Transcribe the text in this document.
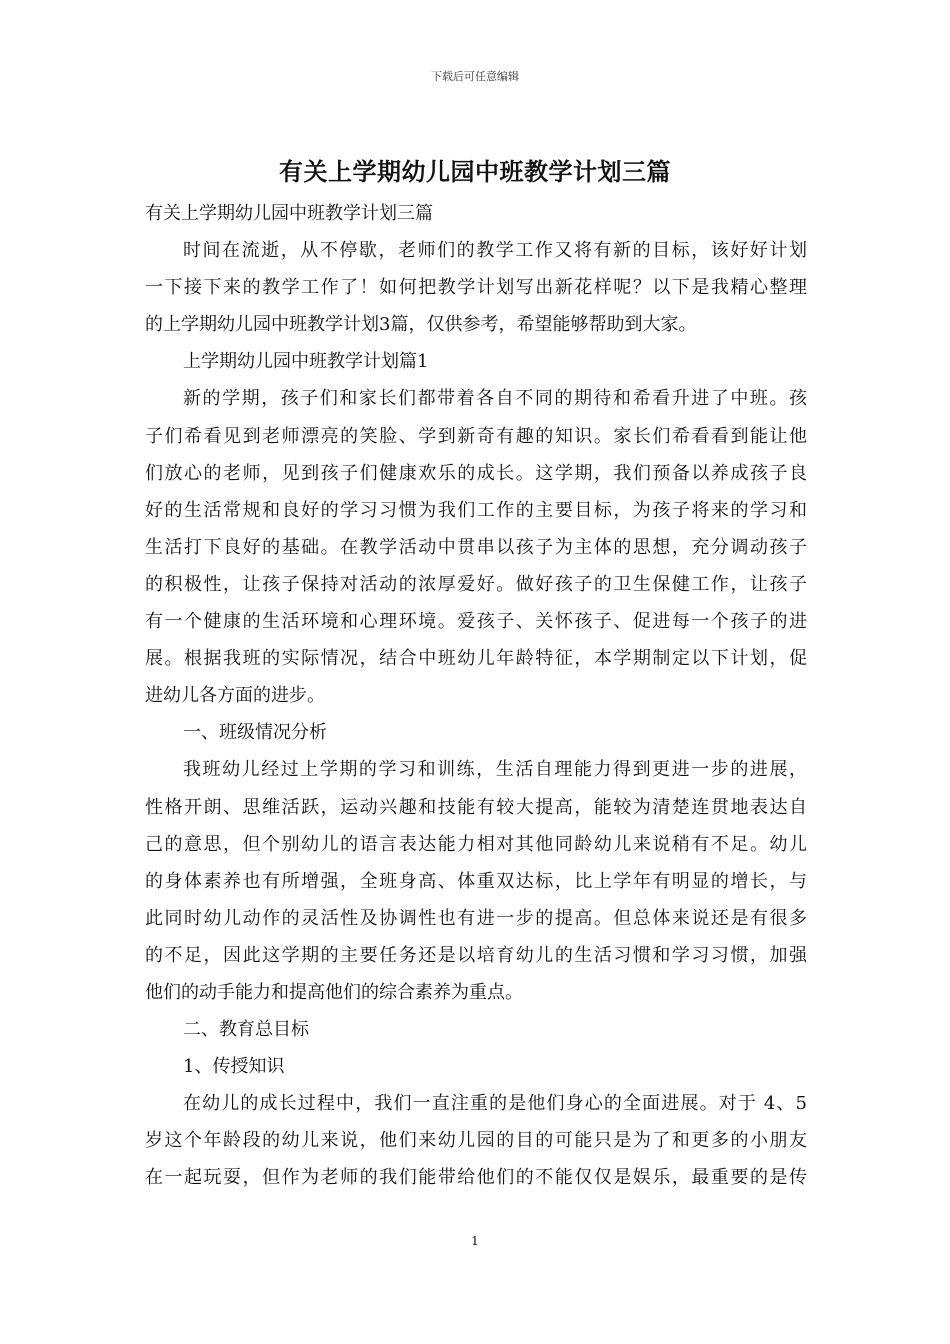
下载后可任意编辑
有关上学期幼儿园中班教学计划三篇
有关上学期幼儿园中班教学计划三篇
时间在流逝，从不停歇，老师们的教学工作又将有新的目标，该好好计划
一下接下来的教学工作了！如何把教学计划写出新花样呢？以下是我精心整理
的上学期幼儿园中班教学计划3篇，仅供参考，希望能够帮助到大家。
上学期幼儿园中班教学计划篇1
新的学期，孩子们和家长们都带着各自不同的期待和希看升进了中班。孩
子们希看见到老师漂亮的笑脸、学到新奇有趣的知识。家长们希看看到能让他
们放心的老师，见到孩子们健康欢乐的成长。这学期，我们预备以养成孩子良
好的生活常规和良好的学习习惯为我们工作的主要目标，为孩子将来的学习和
生活打下良好的基础。在教学活动中贯串以孩子为主体的思想，充分调动孩子
的积极性，让孩子保持对活动的浓厚爱好。做好孩子的卫生保健工作，让孩子
有一个健康的生活环境和心理环境。爱孩子、关怀孩子、促进每一个孩子的进
展。根据我班的实际情况，结合中班幼儿年龄特征，本学期制定以下计划，促
进幼儿各方面的进步。
一、班级情况分析
我班幼儿经过上学期的学习和训练，生活自理能力得到更进一步的进展，
性格开朗、思维活跃，运动兴趣和技能有较大提高，能较为清楚连贯地表达自
己的意思，但个别幼儿的语言表达能力相对其他同龄幼儿来说稍有不足。幼儿
的身体素养也有所增强，全班身高、体重双达标，比上学年有明显的增长，与
此同时幼儿动作的灵活性及协调性也有进一步的提高。但总体来说还是有很多
的不足，因此这学期的主要任务还是以培育幼儿的生活习惯和学习习惯，加强
他们的动手能力和提高他们的综合素养为重点。
二、教育总目标
1、传授知识
在幼儿的成长过程中，我们一直注重的是他们身心的全面进展。对于 4、5
岁这个年龄段的幼儿来说，他们来幼儿园的目的可能只是为了和更多的小朋友
在一起玩耍，但作为老师的我们能带给他们的不能仅仅是娱乐，最重要的是传
1
